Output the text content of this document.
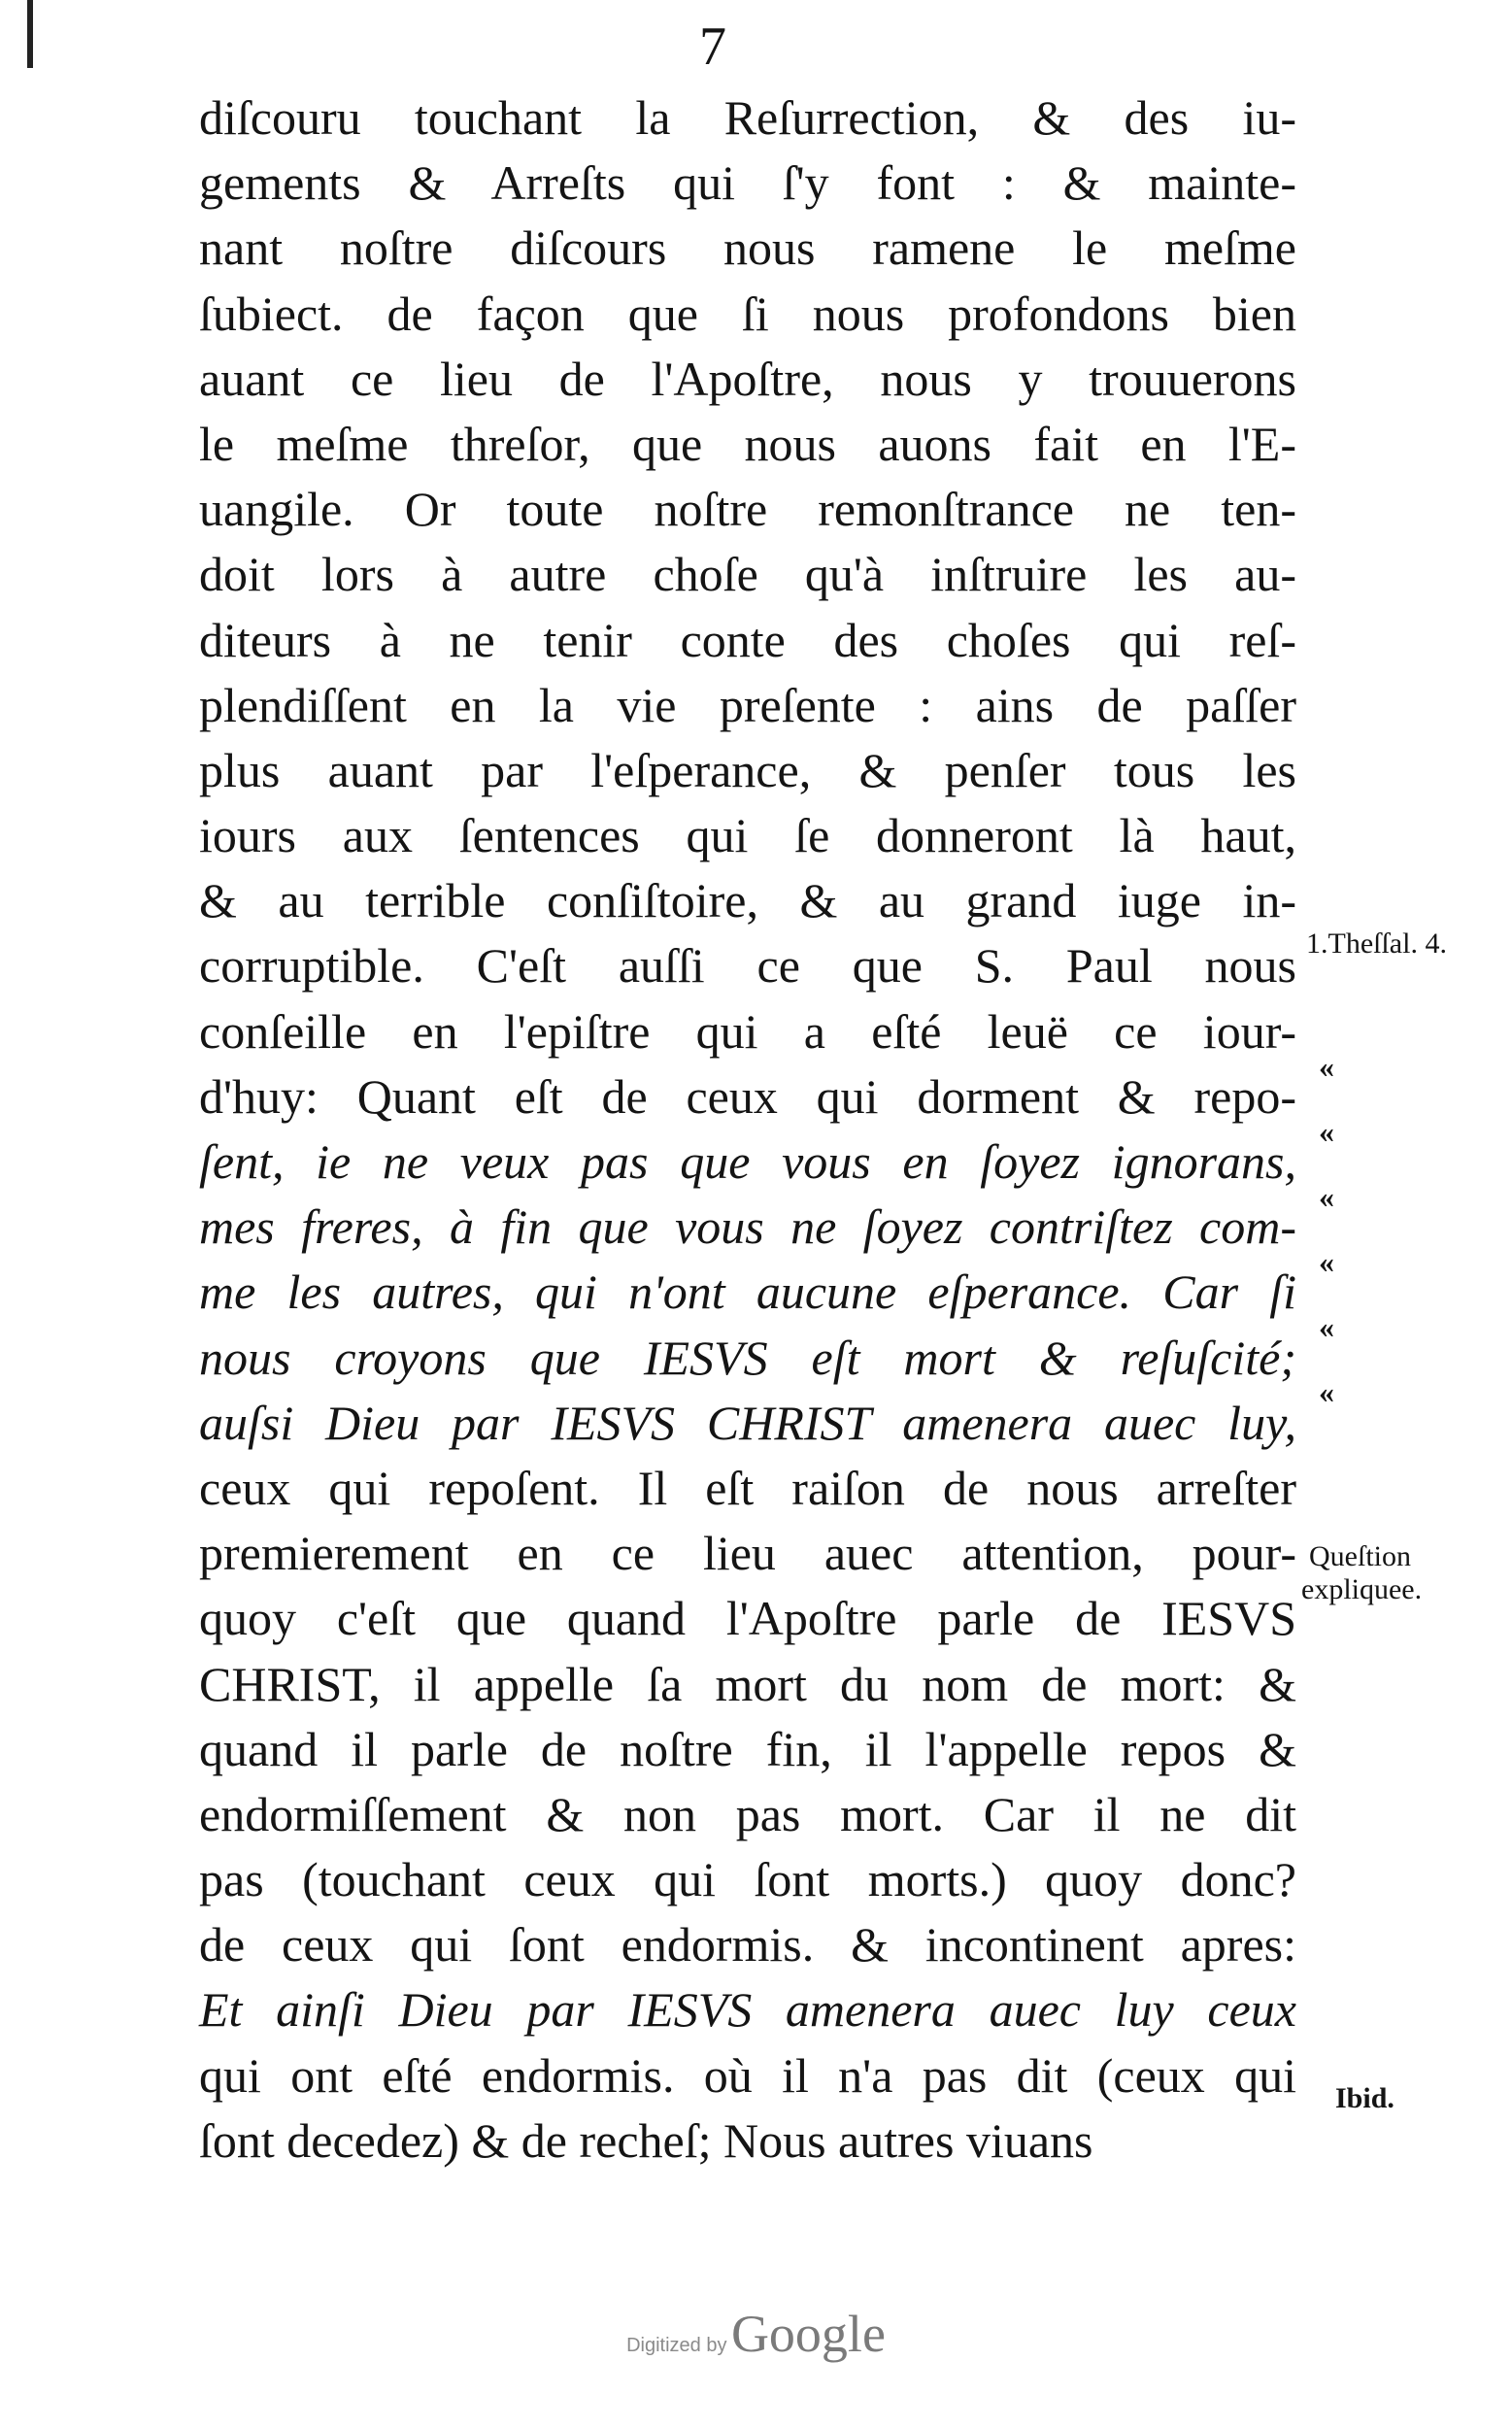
7
diſcouru touchant la Reſurrection, & des iu-
gements & Arreſts qui ſ'y font : & mainte-
nant noſtre diſcours nous ramene le meſme
ſubiect. de façon que ſi nous profondons bien
auant ce lieu de l'Apoſtre, nous y trouuerons
le meſme threſor, que nous auons fait en l'E-
uangile. Or toute noſtre remonſtrance ne ten-
doit lors à autre choſe qu'à inſtruire les au-
diteurs à ne tenir conte des choſes qui reſ-
plendiſſent en la vie preſente : ains de paſſer
plus auant par l'eſperance, & penſer tous les
iours aux ſentences qui ſe donneront là haut,
& au terrible conſiſtoire, & au grand iuge in-
corruptible. C'eſt auſſi ce que S. Paul nous
conſeille en l'epiſtre qui a eſté leuë ce iour-
d'huy: Quant eſt de ceux qui dorment & repo-
ſent, ie ne veux pas que vous en ſoyez ignorans,
mes freres, à fin que vous ne ſoyez contriſtez com-
me les autres, qui n'ont aucune eſperance. Car ſi
nous croyons que IESVS eſt mort & reſuſcité;
auſsi Dieu par IESVS CHRIST amenera auec luy,
ceux qui repoſent. Il eſt raiſon de nous arreſter
premierement en ce lieu auec attention, pour-
quoy c'eſt que quand l'Apoſtre parle de IESVS
CHRIST, il appelle ſa mort du nom de mort: &
quand il parle de noſtre fin, il l'appelle repos &
endormiſſement & non pas mort. Car il ne dit
pas (touchant ceux qui ſont morts.) quoy donc?
de ceux qui ſont endormis. & incontinent apres:
Et ainſi Dieu par IESVS amenera auec luy ceux
qui ont eſté endormis. où il n'a pas dit (ceux qui
ſont decedez) & de recheſ; Nous autres viuans
1.Theſſal. 4.
«
«
«
«
«
«
Queſtion
expliquee.
Ibid.
Digitized by Google
